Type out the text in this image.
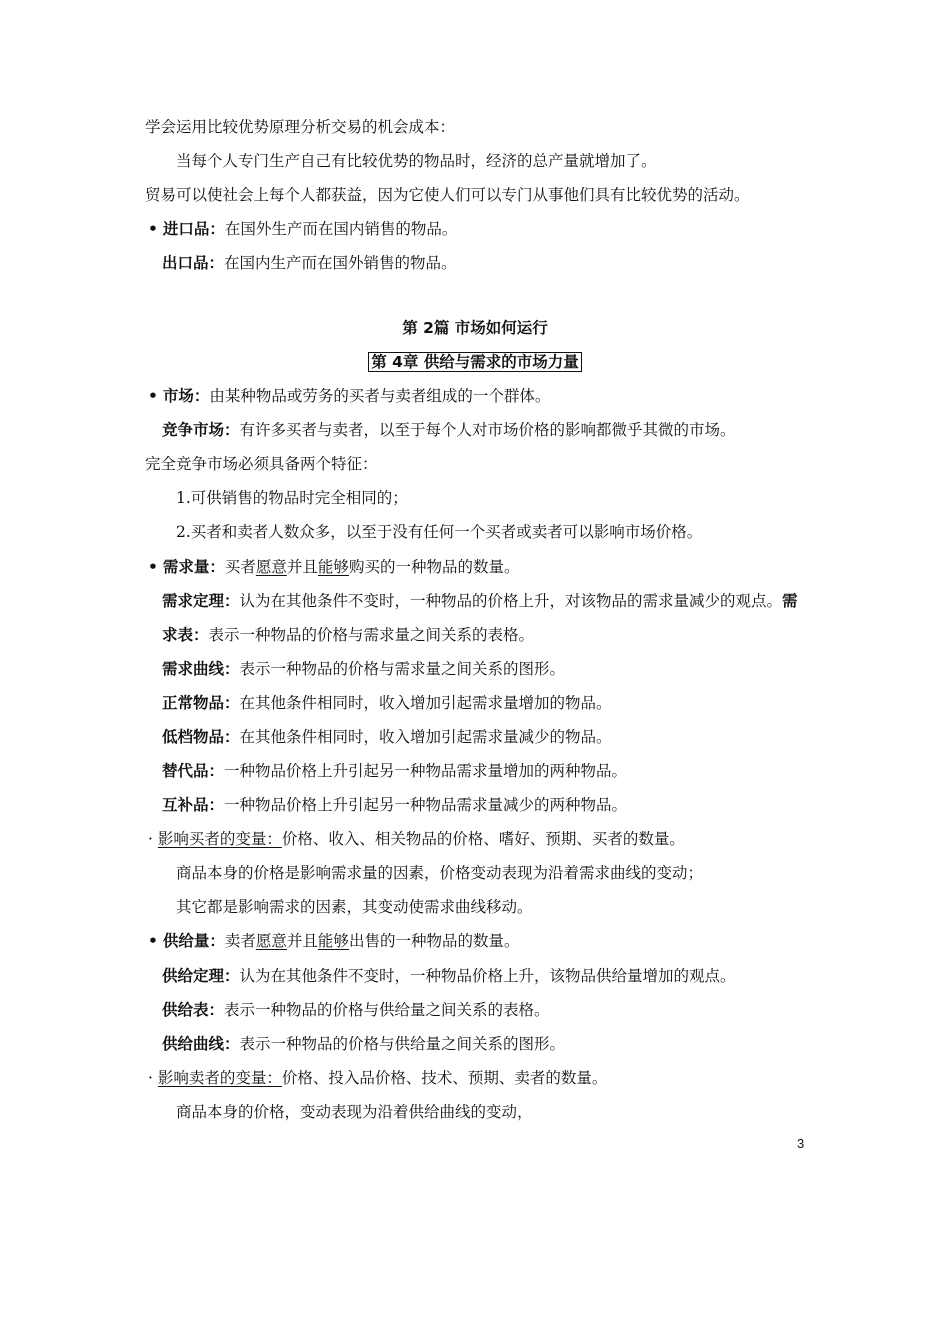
学会运用比较优势原理分析交易的机会成本：
当每个人专门生产自己有比较优势的物品时，经济的总产量就增加了。
贸易可以使社会上每个人都获益，因为它使人们可以专门从事他们具有比较优势的活动。
• 进口品：在国外生产而在国内销售的物品。
出口品：在国内生产而在国外销售的物品。
第 2篇 市场如何运行
第 4章 供给与需求的市场力量
• 市场：由某种物品或劳务的买者与卖者组成的一个群体。
竞争市场：有许多买者与卖者，以至于每个人对市场价格的影响都微乎其微的市场。
完全竞争市场必须具备两个特征：
1.可供销售的物品时完全相同的；
2.买者和卖者人数众多，以至于没有任何一个买者或卖者可以影响市场价格。
• 需求量：买者愿意并且能够购买的一种物品的数量。
需求定理：认为在其他条件不变时，一种物品的价格上升，对该物品的需求量减少的观点。需
求表：表示一种物品的价格与需求量之间关系的表格。
需求曲线：表示一种物品的价格与需求量之间关系的图形。
正常物品：在其他条件相同时，收入增加引起需求量增加的物品。
低档物品：在其他条件相同时，收入增加引起需求量减少的物品。
替代品：一种物品价格上升引起另一种物品需求量增加的两种物品。
互补品：一种物品价格上升引起另一种物品需求量减少的两种物品。
· 影响买者的变量：价格、收入、相关物品的价格、嗜好、预期、买者的数量。
商品本身的价格是影响需求量的因素，价格变动表现为沿着需求曲线的变动；
其它都是影响需求的因素，其变动使需求曲线移动。
• 供给量：卖者愿意并且能够出售的一种物品的数量。
供给定理：认为在其他条件不变时，一种物品价格上升，该物品供给量增加的观点。
供给表：表示一种物品的价格与供给量之间关系的表格。
供给曲线：表示一种物品的价格与供给量之间关系的图形。
· 影响卖者的变量：价格、投入品价格、技术、预期、卖者的数量。
商品本身的价格，变动表现为沿着供给曲线的变动，
3
